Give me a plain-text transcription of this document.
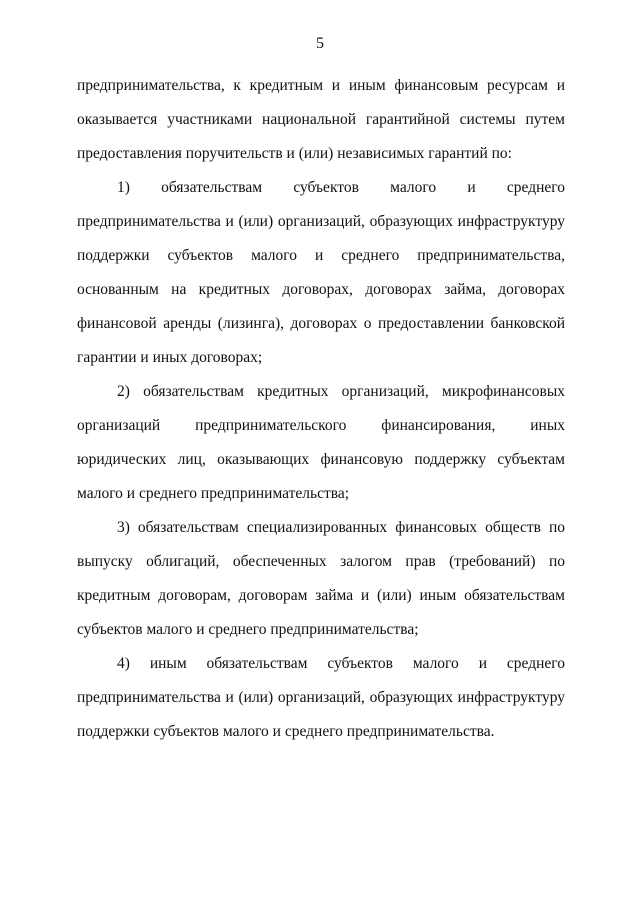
5

предпринимательства, к кредитным и иным финансовым ресурсам и оказывается участниками национальной гарантийной системы путем предоставления поручительств и (или) независимых гарантий по:

1) обязательствам субъектов малого и среднего предпринимательства и (или) организаций, образующих инфраструктуру поддержки субъектов малого и среднего предпринимательства, основанным на кредитных договорах, договорах займа, договорах финансовой аренды (лизинга), договорах о предоставлении банковской гарантии и иных договорах;

2) обязательствам кредитных организаций, микрофинансовых организаций предпринимательского финансирования, иных юридических лиц, оказывающих финансовую поддержку субъектам малого и среднего предпринимательства;

3) обязательствам специализированных финансовых обществ по выпуску облигаций, обеспеченных залогом прав (требований) по кредитным договорам, договорам займа и (или) иным обязательствам субъектов малого и среднего предпринимательства;

4) иным обязательствам субъектов малого и среднего предпринимательства и (или) организаций, образующих инфраструктуру поддержки субъектов малого и среднего предпринимательства.
